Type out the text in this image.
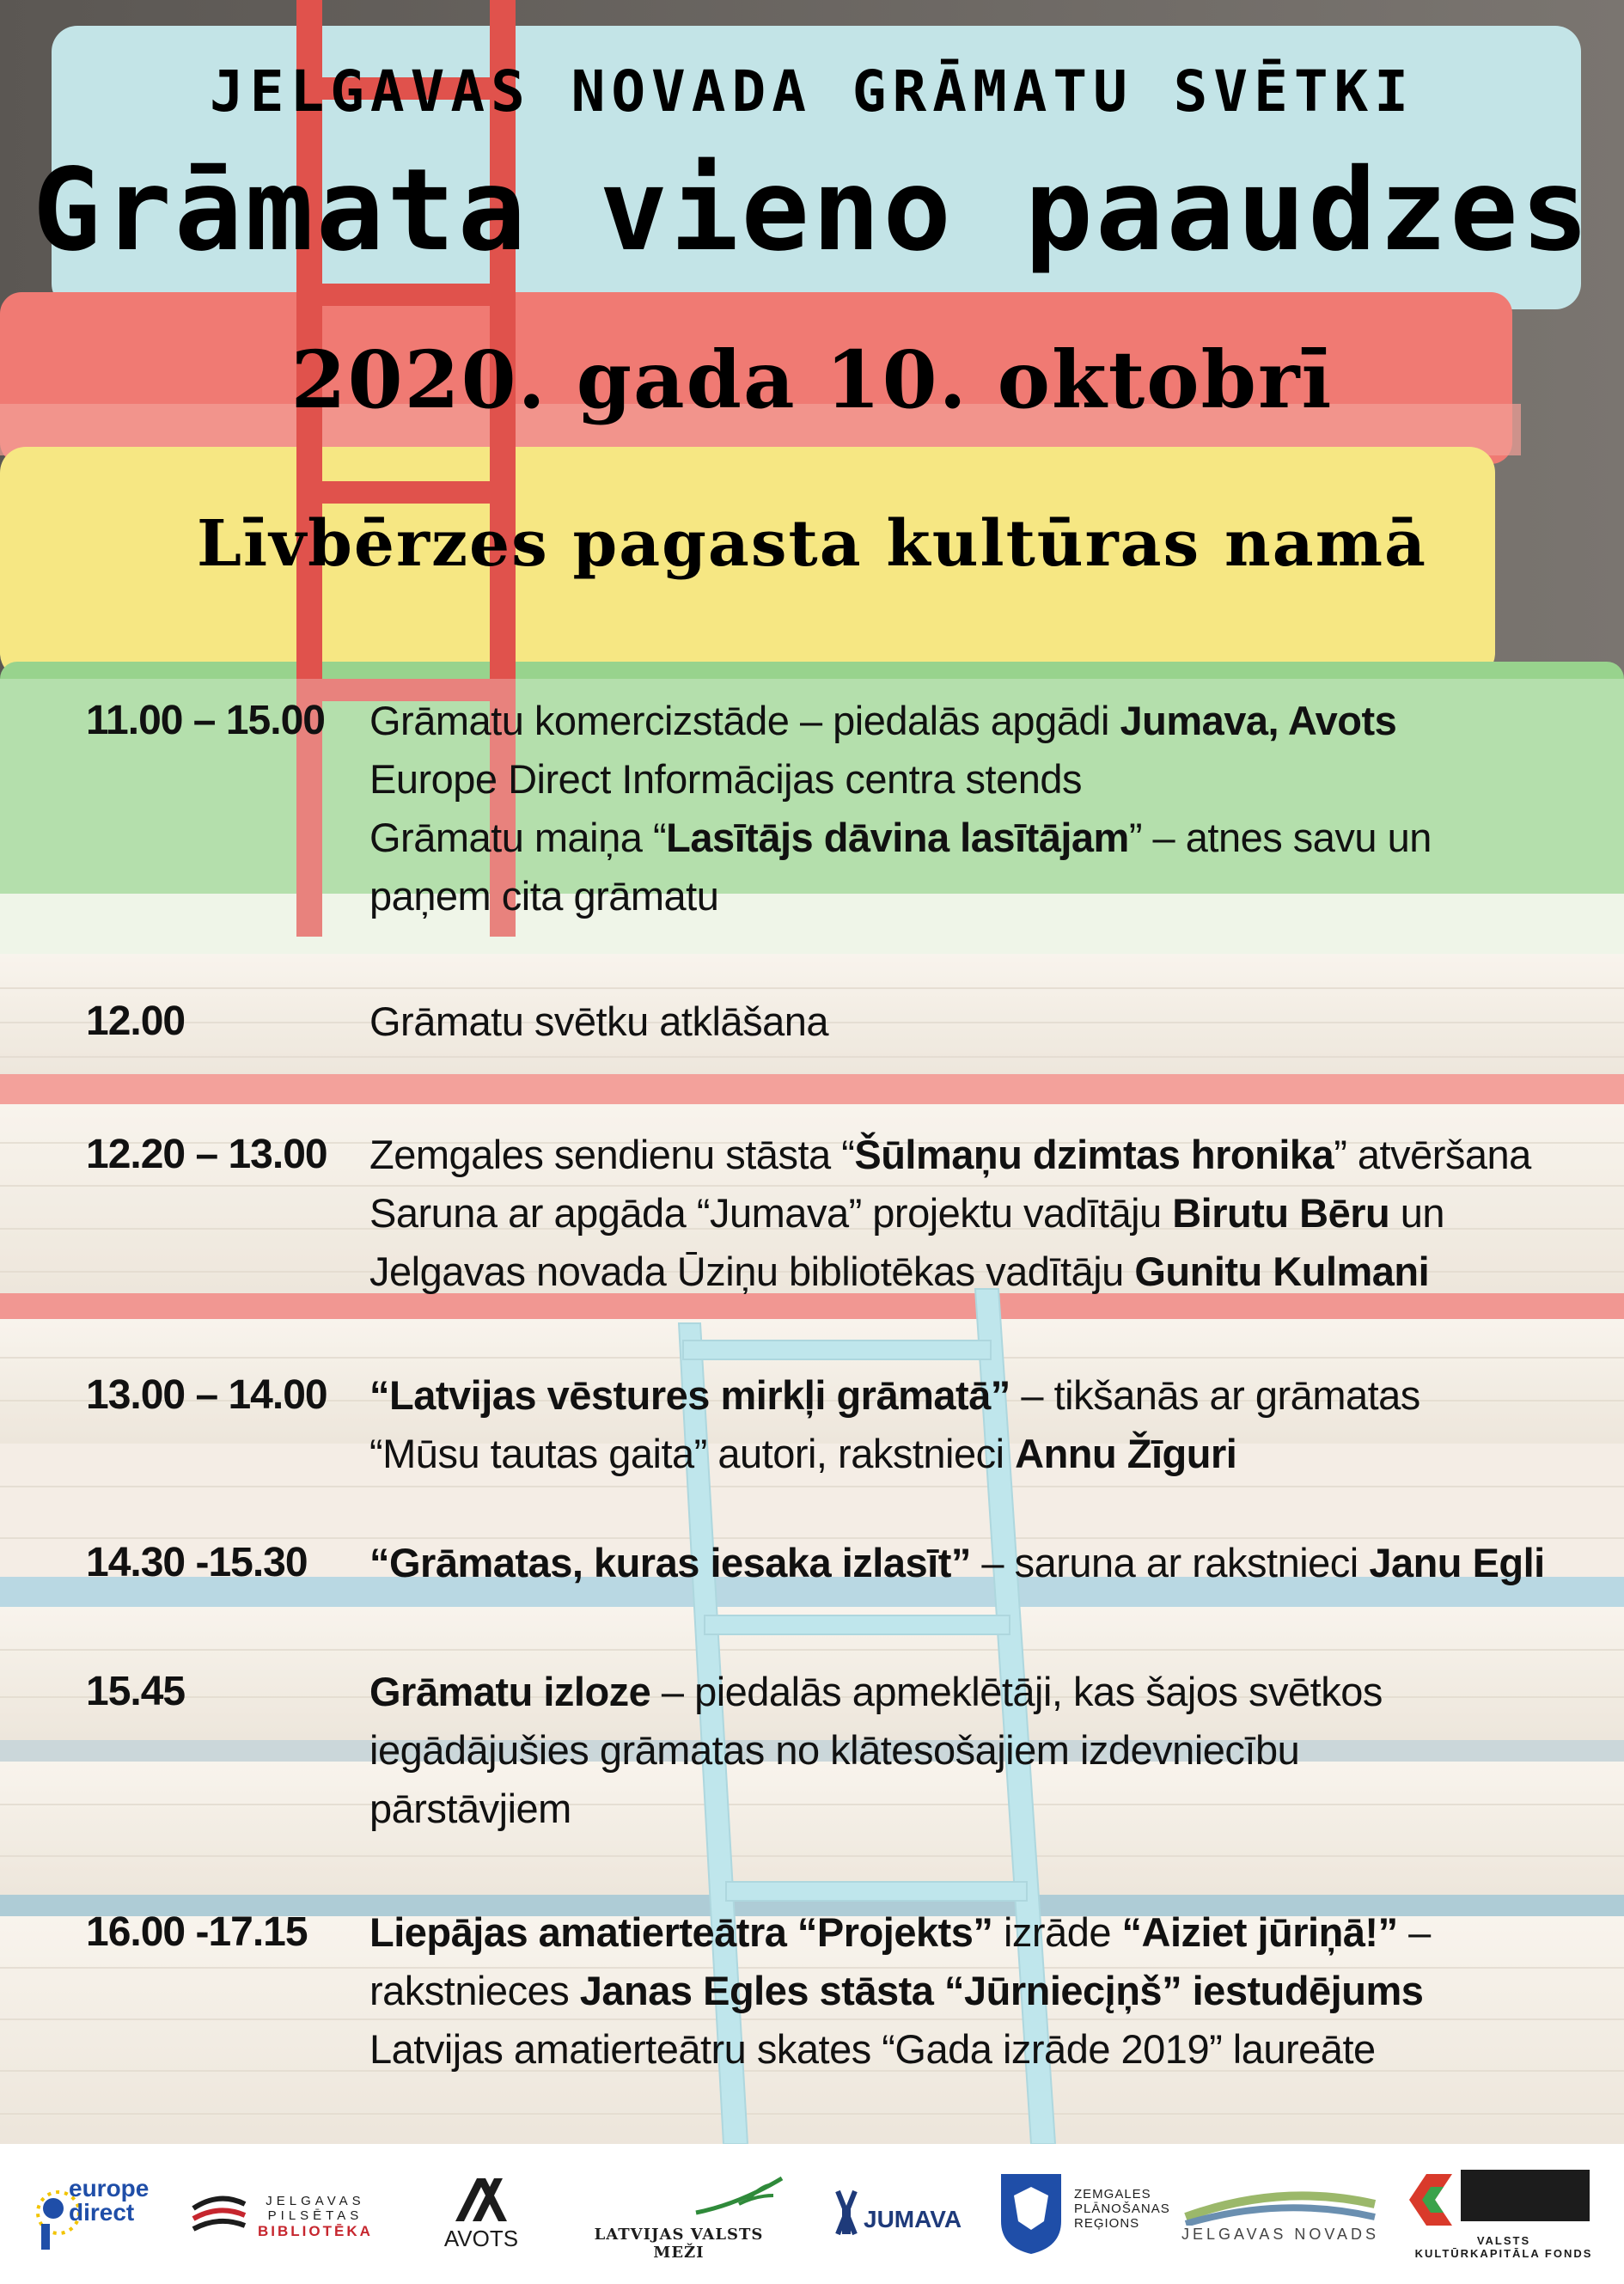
JELGAVAS NOVADA GRĀMATU SVĒTKI
Grāmata vieno paaudzes
2020. gada 10. oktobrī
Līvbērzes pagasta kultūras namā
11.00 – 15.00	Grāmatu komercizstāde – piedalās apgādi Jumava, Avots
Europe Direct Informācijas centra stends
Grāmatu maiņa “Lasītājs dāvina lasītājam” – atnes savu un
paņem cita grāmatu
12.00	Grāmatu svētku atklāšana
12.20 – 13.00	Zemgales sendienu stāsta “Šūlmaņu dzimtas hronika” atvēršana
Saruna ar apgāda “Jumava” projektu vadītāju Birutu Bēru un
Jelgavas novada Ūziņu bibliotēkas vadītāju Gunitu Kulmani
13.00 – 14.00	“Latvijas vēstures mirkļi grāmatā” – tikšanās ar grāmatas
“Mūsu tautas gaita” autori, rakstnieci Annu Žīguri
14.30 -15.30	“Grāmatas, kuras iesaka izlasīt” – saruna ar rakstnieci Janu Egli
15.45	Grāmatu izloze – piedalās apmeklētāji, kas šajos svētkos
iegādājušies grāmatas no klātesošajiem izdevniecību
pārstāvjiem
16.00 -17.15	Liepājas amatierteātra “Projekts” izrāde “Aiziet jūriņā!” –
rakstnieces Janas Egles stāsta “Jūrniecįņš” iestudējums
Latvijas amatierteātru skates “Gada izrāde 2019” laureāte
europe
direct	JELGAVAS
PILSĒTAS
BIBLIOTĒKA	AVOTS	LATVIJAS VALSTS MEŽI
JUMAVA
ZEMGALES
PLĀNOŠANAS
REĢIONS
JELGAVAS NOVADS	VALSTS
KULTŪRKAPITĀLA FONDS
